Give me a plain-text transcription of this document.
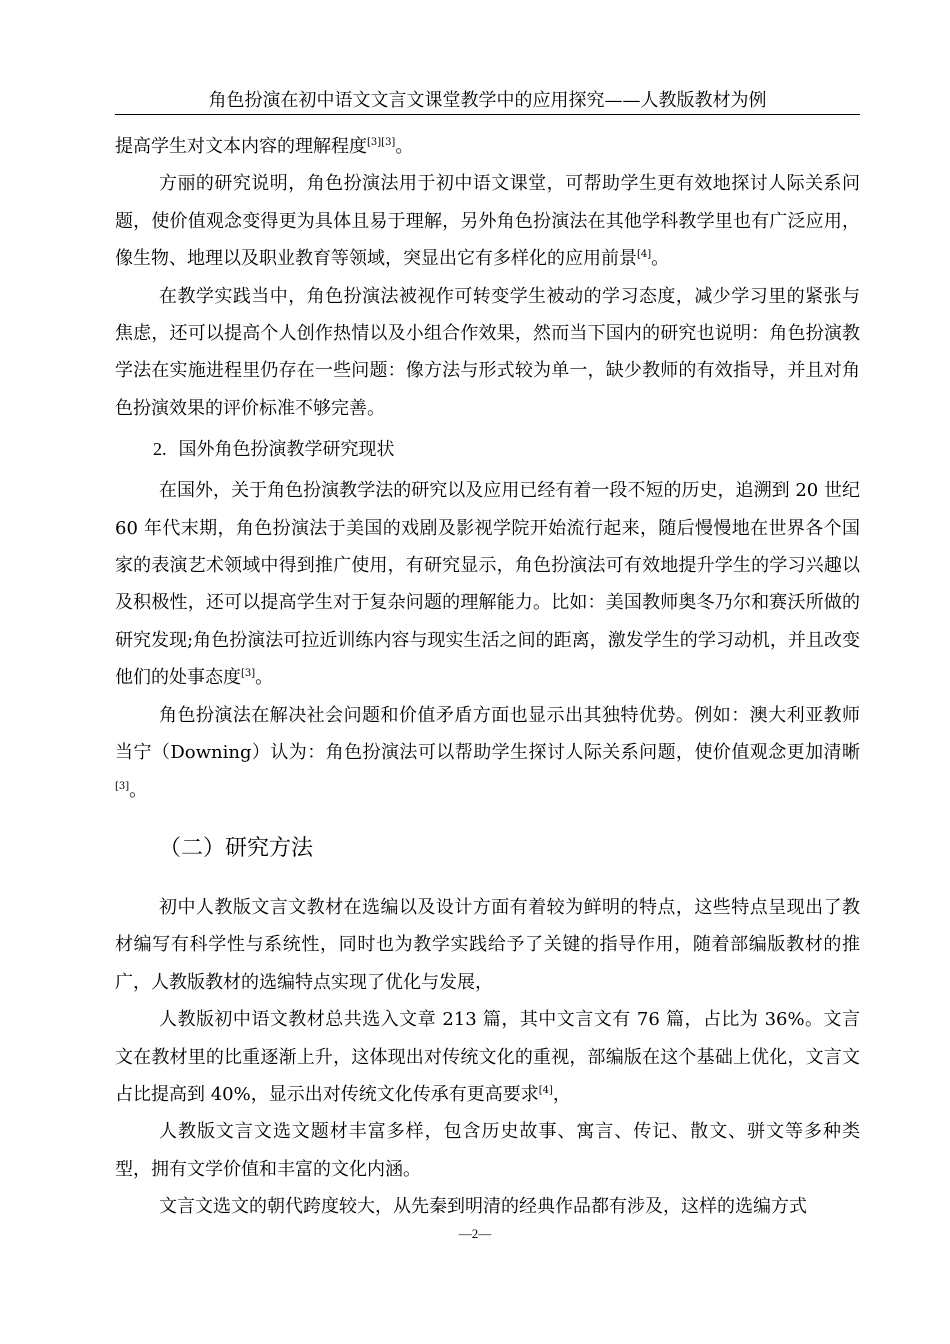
角色扮演在初中语文文言文课堂教学中的应用探究——人教版教材为例

提高学生对文本内容的理解程度[3][3]。

方丽的研究说明，角色扮演法用于初中语文课堂，可帮助学生更有效地探讨人际关系问题，使价值观念变得更为具体且易于理解，另外角色扮演法在其他学科教学里也有广泛应用，像生物、地理以及职业教育等领域，突显出它有多样化的应用前景[4]。

在教学实践当中，角色扮演法被视作可转变学生被动的学习态度，减少学习里的紧张与焦虑，还可以提高个人创作热情以及小组合作效果，然而当下国内的研究也说明：角色扮演教学法在实施进程里仍存在一些问题：像方法与形式较为单一，缺少教师的有效指导，并且对角色扮演效果的评价标准不够完善。

2. 国外角色扮演教学研究现状

在国外，关于角色扮演教学法的研究以及应用已经有着一段不短的历史，追溯到 20 世纪 60 年代末期，角色扮演法于美国的戏剧及影视学院开始流行起来，随后慢慢地在世界各个国家的表演艺术领域中得到推广使用，有研究显示，角色扮演法可有效地提升学生的学习兴趣以及积极性，还可以提高学生对于复杂问题的理解能力。比如：美国教师奥冬乃尔和赛沃所做的研究发现;角色扮演法可拉近训练内容与现实生活之间的距离，激发学生的学习动机，并且改变他们的处事态度[3]。

角色扮演法在解决社会问题和价值矛盾方面也显示出其独特优势。例如：澳大利亚教师当宁（Downing）认为：角色扮演法可以帮助学生探讨人际关系问题，使价值观念更加清晰[3]。

（二）研究方法

初中人教版文言文教材在选编以及设计方面有着较为鲜明的特点，这些特点呈现出了教材编写有科学性与系统性，同时也为教学实践给予了关键的指导作用，随着部编版教材的推广，人教版教材的选编特点实现了优化与发展，

人教版初中语文教材总共选入文章 213 篇，其中文言文有 76 篇，占比为 36%。文言文在教材里的比重逐渐上升，这体现出对传统文化的重视，部编版在这个基础上优化，文言文占比提高到 40%，显示出对传统文化传承有更高要求[4]，

人教版文言文选文题材丰富多样，包含历史故事、寓言、传记、散文、骈文等多种类型，拥有文学价值和丰富的文化内涵。

文言文选文的朝代跨度较大，从先秦到明清的经典作品都有涉及，这样的选编方式

—2—
